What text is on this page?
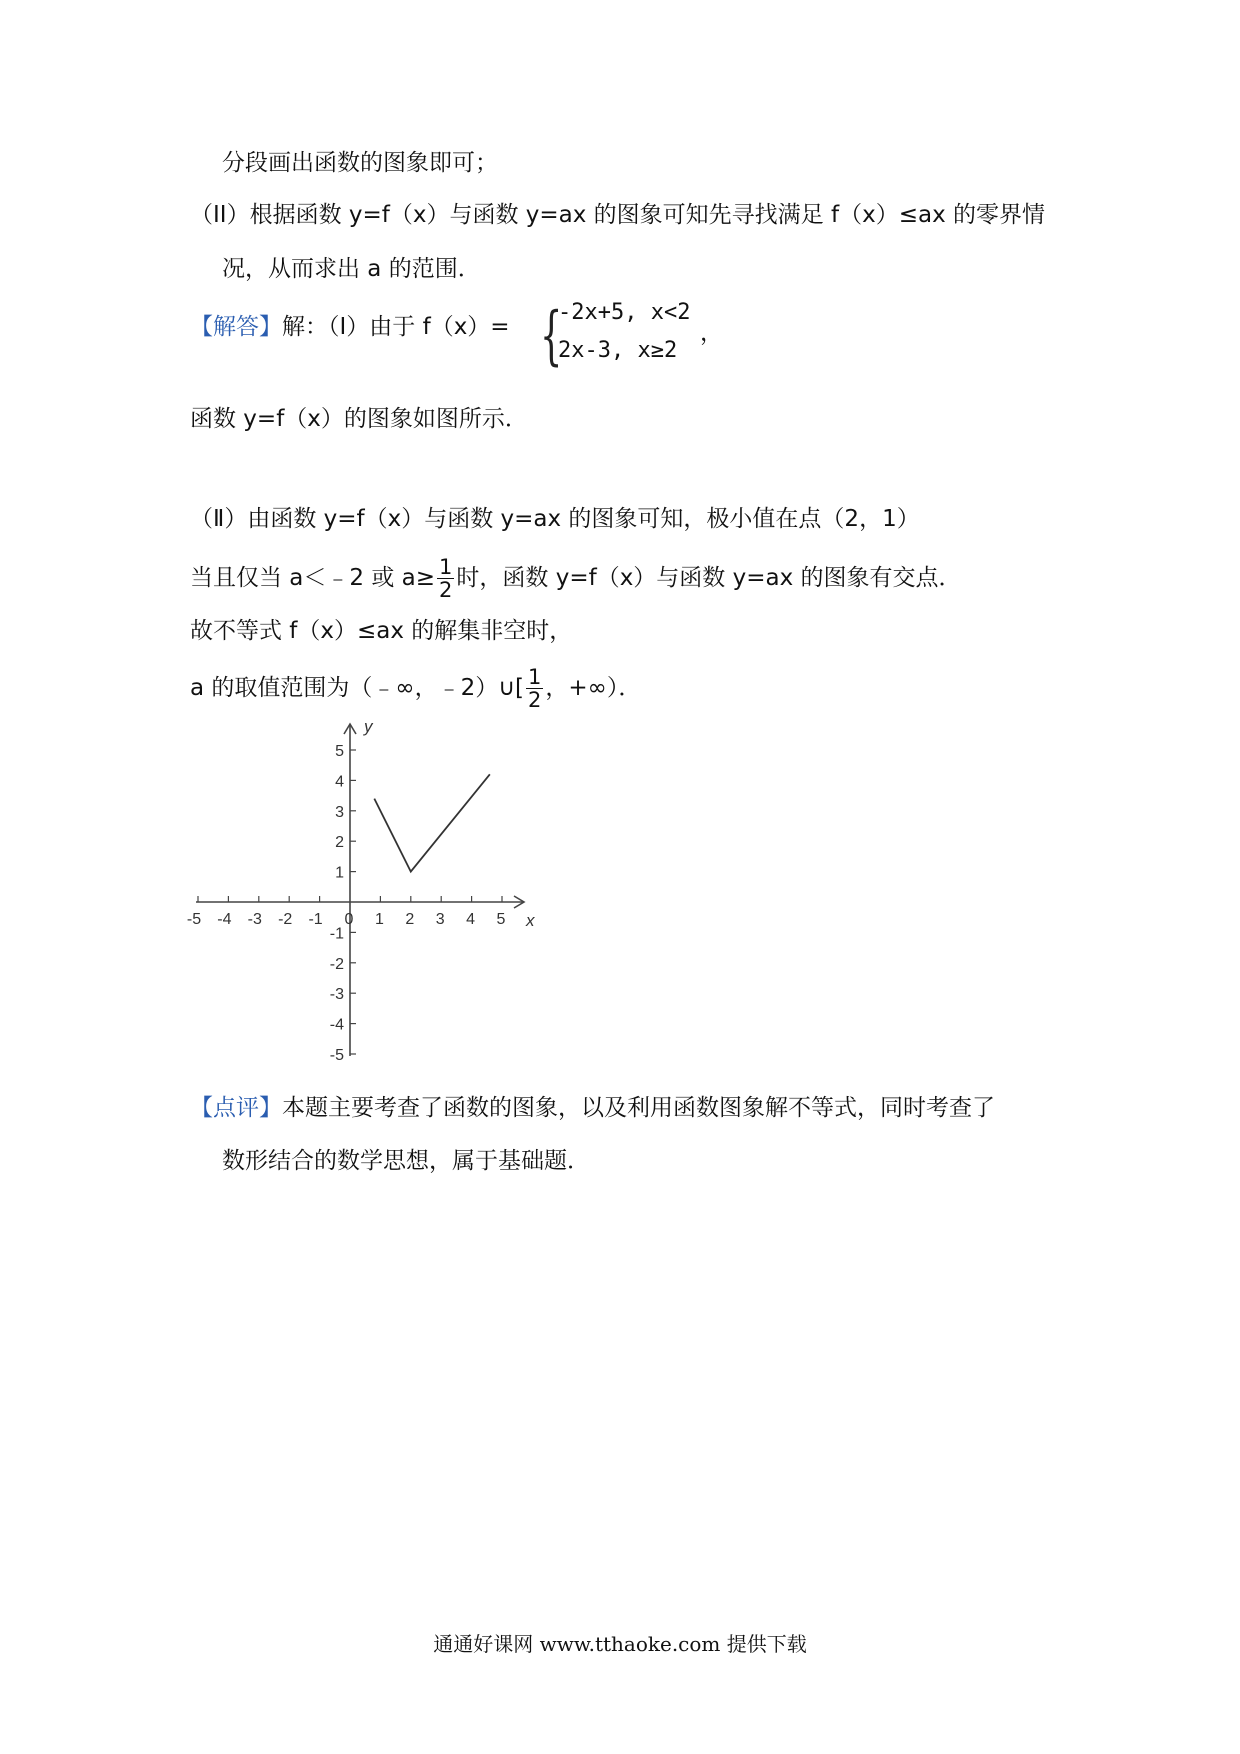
分段画出函数的图象即可；
（II）根据函数 y=f（x）与函数 y=ax 的图象可知先寻找满足 f（x）≤ax 的零界情
况，从而求出 a 的范围．
【解答】解：（Ⅰ）由于 f（x）= {
-2x+5, x<2
2x-3, x≥2
，
函数 y=f（x）的图象如图所示．
（Ⅱ）由函数 y=f（x）与函数 y=ax 的图象可知，极小值在点（2，1）
当且仅当 a＜﹣2 或 $a\ge \frac{1}{2}$ 时，函数 y=f（x）与函数 y=ax 的图象有交点．
故不等式 f（x）≤ax 的解集非空时，
a 的取值范围为（﹣∞，﹣2）∪[ $\frac{1}{2}$ ，+∞）．
-5 -4 -3 -2 -1 0 1 2 3 4 5
5
4
3
2
1
-1
-2
-3
-4
-5
x
y
【点评】本题主要考查了函数的图象，以及利用函数图象解不等式，同时考查了
数形结合的数学思想，属于基础题．
通通好课网 www.tthaoke.com 提供下载
